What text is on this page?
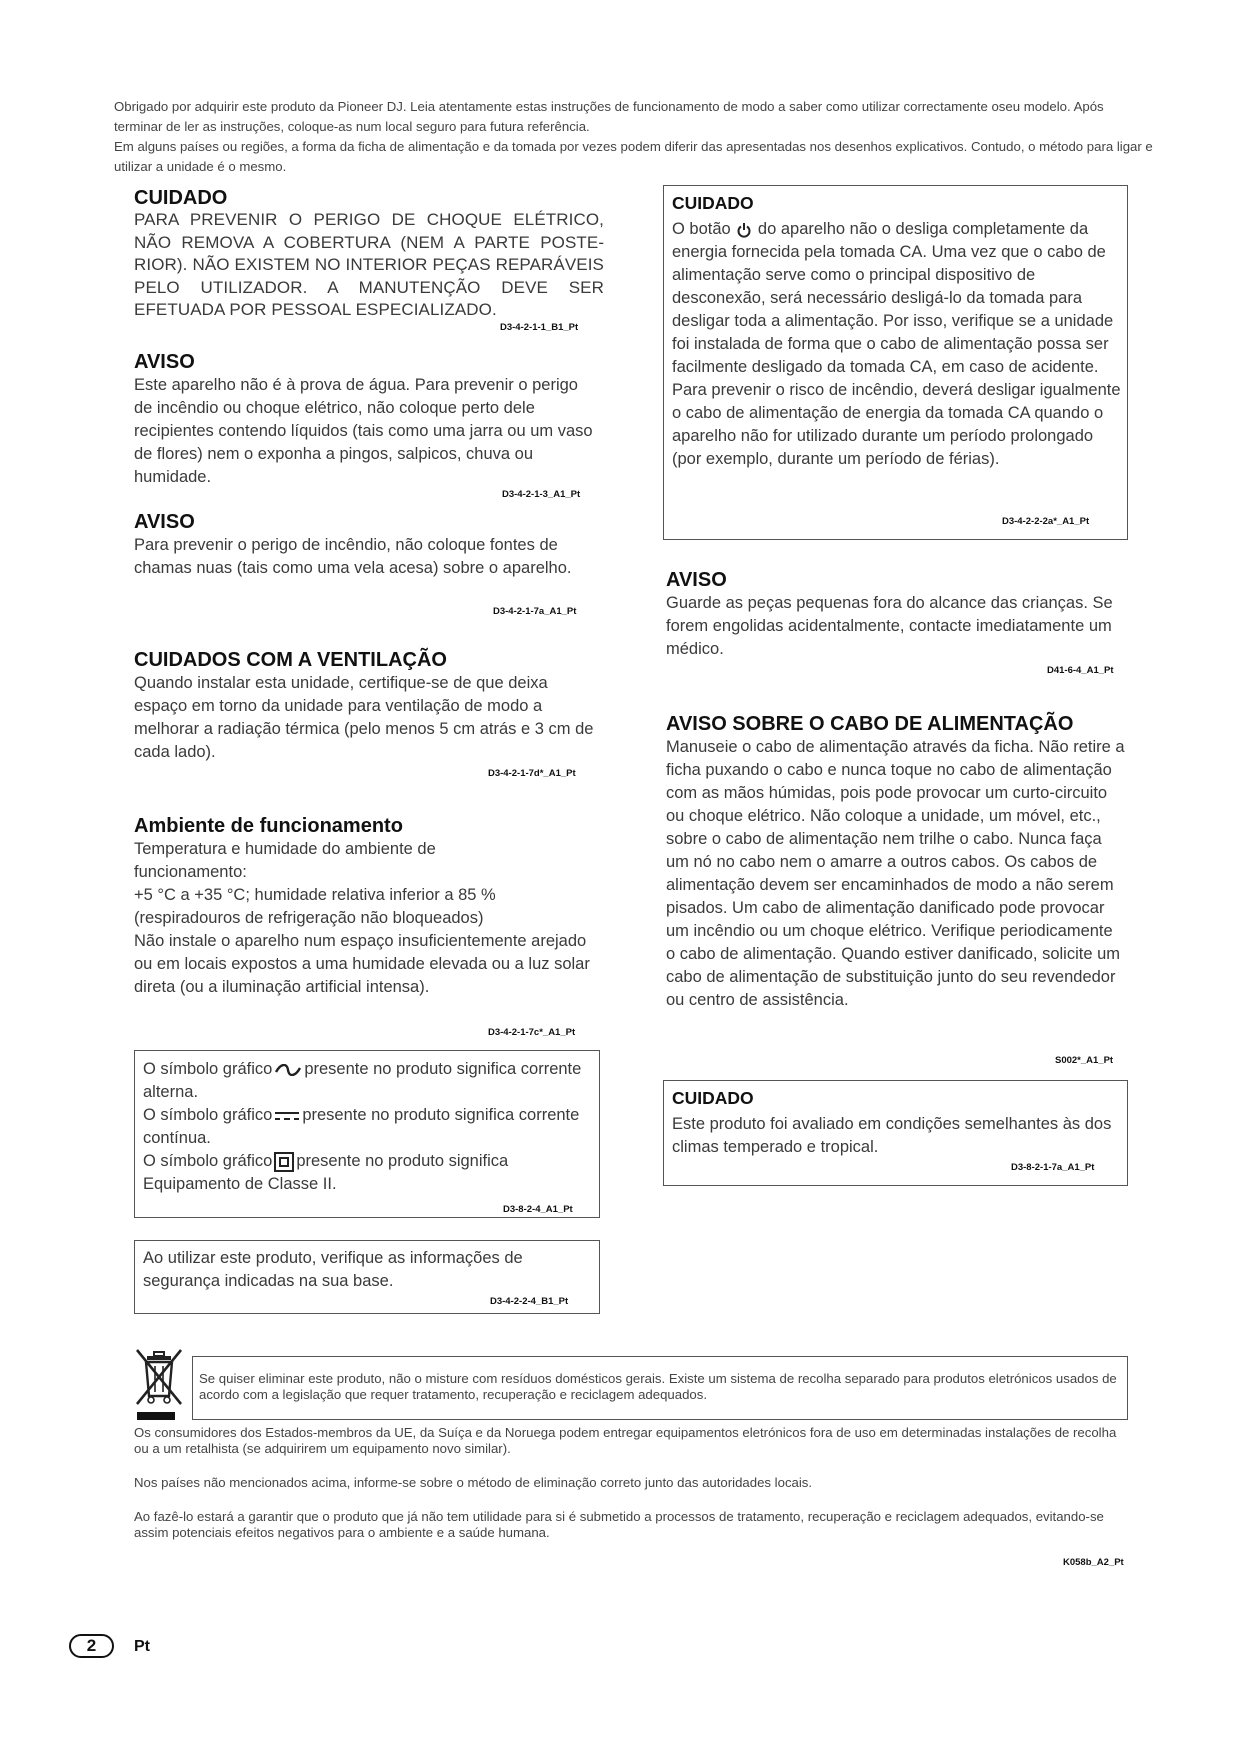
Obrigado por adquirir este produto da Pioneer DJ. Leia atentamente estas instruções de funcionamento de modo a saber como utilizar correctamente oseu modelo. Após terminar de ler as instruções, coloque-as num local seguro para futura referência.

Em alguns países ou regiões, a forma da ficha de alimentação e da tomada por vezes podem diferir das apresentadas nos desenhos explicativos. Contudo, o método para ligar e utilizar a unidade é o mesmo.

CUIDADO

PARA PREVENIR O PERIGO DE CHOQUE ELÉTRICO, NÃO REMOVA A COBERTURA (NEM A PARTE POSTERIOR). NÃO EXISTEM NO INTERIOR PEÇAS REPARÁVEIS PELO UTILIZADOR. A MANUTENÇÃO DEVE SER EFETUADA POR PESSOAL ESPECIALIZADO.

D3-4-2-1-1_B1_Pt
AVISO

Este aparelho não é à prova de água. Para prevenir o perigo de incêndio ou choque elétrico, não coloque perto dele recipientes contendo líquidos (tais como uma jarra ou um vaso de flores) nem o exponha a pingos, salpicos, chuva ou humidade.

D3-4-2-1-3_A1_Pt
AVISO

Para prevenir o perigo de incêndio, não coloque fontes de chamas nuas (tais como uma vela acesa) sobre o aparelho.

D3-4-2-1-7a_A1_Pt
CUIDADOS COM A VENTILAÇÃO

Quando instalar esta unidade, certifique-se de que deixa espaço em torno da unidade para ventilação de modo a melhorar a radiação térmica (pelo menos 5 cm atrás e 3 cm de cada lado).

D3-4-2-1-7d*_A1_Pt
Ambiente de funcionamento

Temperatura e humidade do ambiente de funcionamento:

+5 °C a +35 °C; humidade relativa inferior a 85 % (respiradouros de refrigeração não bloqueados)

Não instale o aparelho num espaço insuficientemente arejado ou em locais expostos a uma humidade elevada ou a luz solar direta (ou a iluminação artificial intensa).

D3-4-2-1-7c*_A1_Pt

O símbolo gráfico presente no produto significa corrente alterna.

O símbolo gráfico presente no produto significa corrente contínua.

O símbolo gráfico presente no produto significa Equipamento de Classe II.

D3-8-2-4_A1_Pt

Ao utilizar este produto, verifique as informações de segurança indicadas na sua base.

D3-4-2-2-4_B1_Pt
CUIDADO

O botão do aparelho não o desliga completamente da energia fornecida pela tomada CA. Uma vez que o cabo de alimentação serve como o principal dispositivo de desconexão, será necessário desligá-lo da tomada para desligar toda a alimentação. Por isso, verifique se a unidade foi instalada de forma que o cabo de alimentação possa ser facilmente desligado da tomada CA, em caso de acidente. Para prevenir o risco de incêndio, deverá desligar igualmente o cabo de alimentação de energia da tomada CA quando o aparelho não for utilizado durante um período prolongado (por exemplo, durante um período de férias).

D3-4-2-2-2a*_A1_Pt
AVISO

Guarde as peças pequenas fora do alcance das crianças. Se forem engolidas acidentalmente, contacte imediatamente um médico.

D41-6-4_A1_Pt
AVISO SOBRE O CABO DE ALIMENTAÇÃO

Manuseie o cabo de alimentação através da ficha. Não retire a ficha puxando o cabo e nunca toque no cabo de alimentação com as mãos húmidas, pois pode provocar um curto-circuito ou choque elétrico. Não coloque a unidade, um móvel, etc., sobre o cabo de alimentação nem trilhe o cabo. Nunca faça um nó no cabo nem o amarre a outros cabos. Os cabos de alimentação devem ser encaminhados de modo a não serem pisados. Um cabo de alimentação danificado pode provocar um incêndio ou um choque elétrico. Verifique periodicamente o cabo de alimentação. Quando estiver danificado, solicite um cabo de alimentação de substituição junto do seu revendedor ou centro de assistência.

S002*_A1_Pt
CUIDADO

Este produto foi avaliado em condições semelhantes às dos climas temperado e tropical.

D3-8-2-1-7a_A1_Pt

Se quiser eliminar este produto, não o misture com resíduos domésticos gerais. Existe um sistema de recolha separado para produtos eletrónicos usados de acordo com a legislação que requer tratamento, recuperação e reciclagem adequados.

Os consumidores dos Estados-membros da UE, da Suíça e da Noruega podem entregar equipamentos eletrónicos fora de uso em determinadas instalações de recolha ou a um retalhista (se adquirirem um equipamento novo similar).

Nos países não mencionados acima, informe-se sobre o método de eliminação correto junto das autoridades locais.

Ao fazê-lo estará a garantir que o produto que já não tem utilidade para si é submetido a processos de tratamento, recuperação e reciclagem adequados, evitando-se assim potenciais efeitos negativos para o ambiente e a saúde humana.

K058b_A2_Pt
2	Pt
